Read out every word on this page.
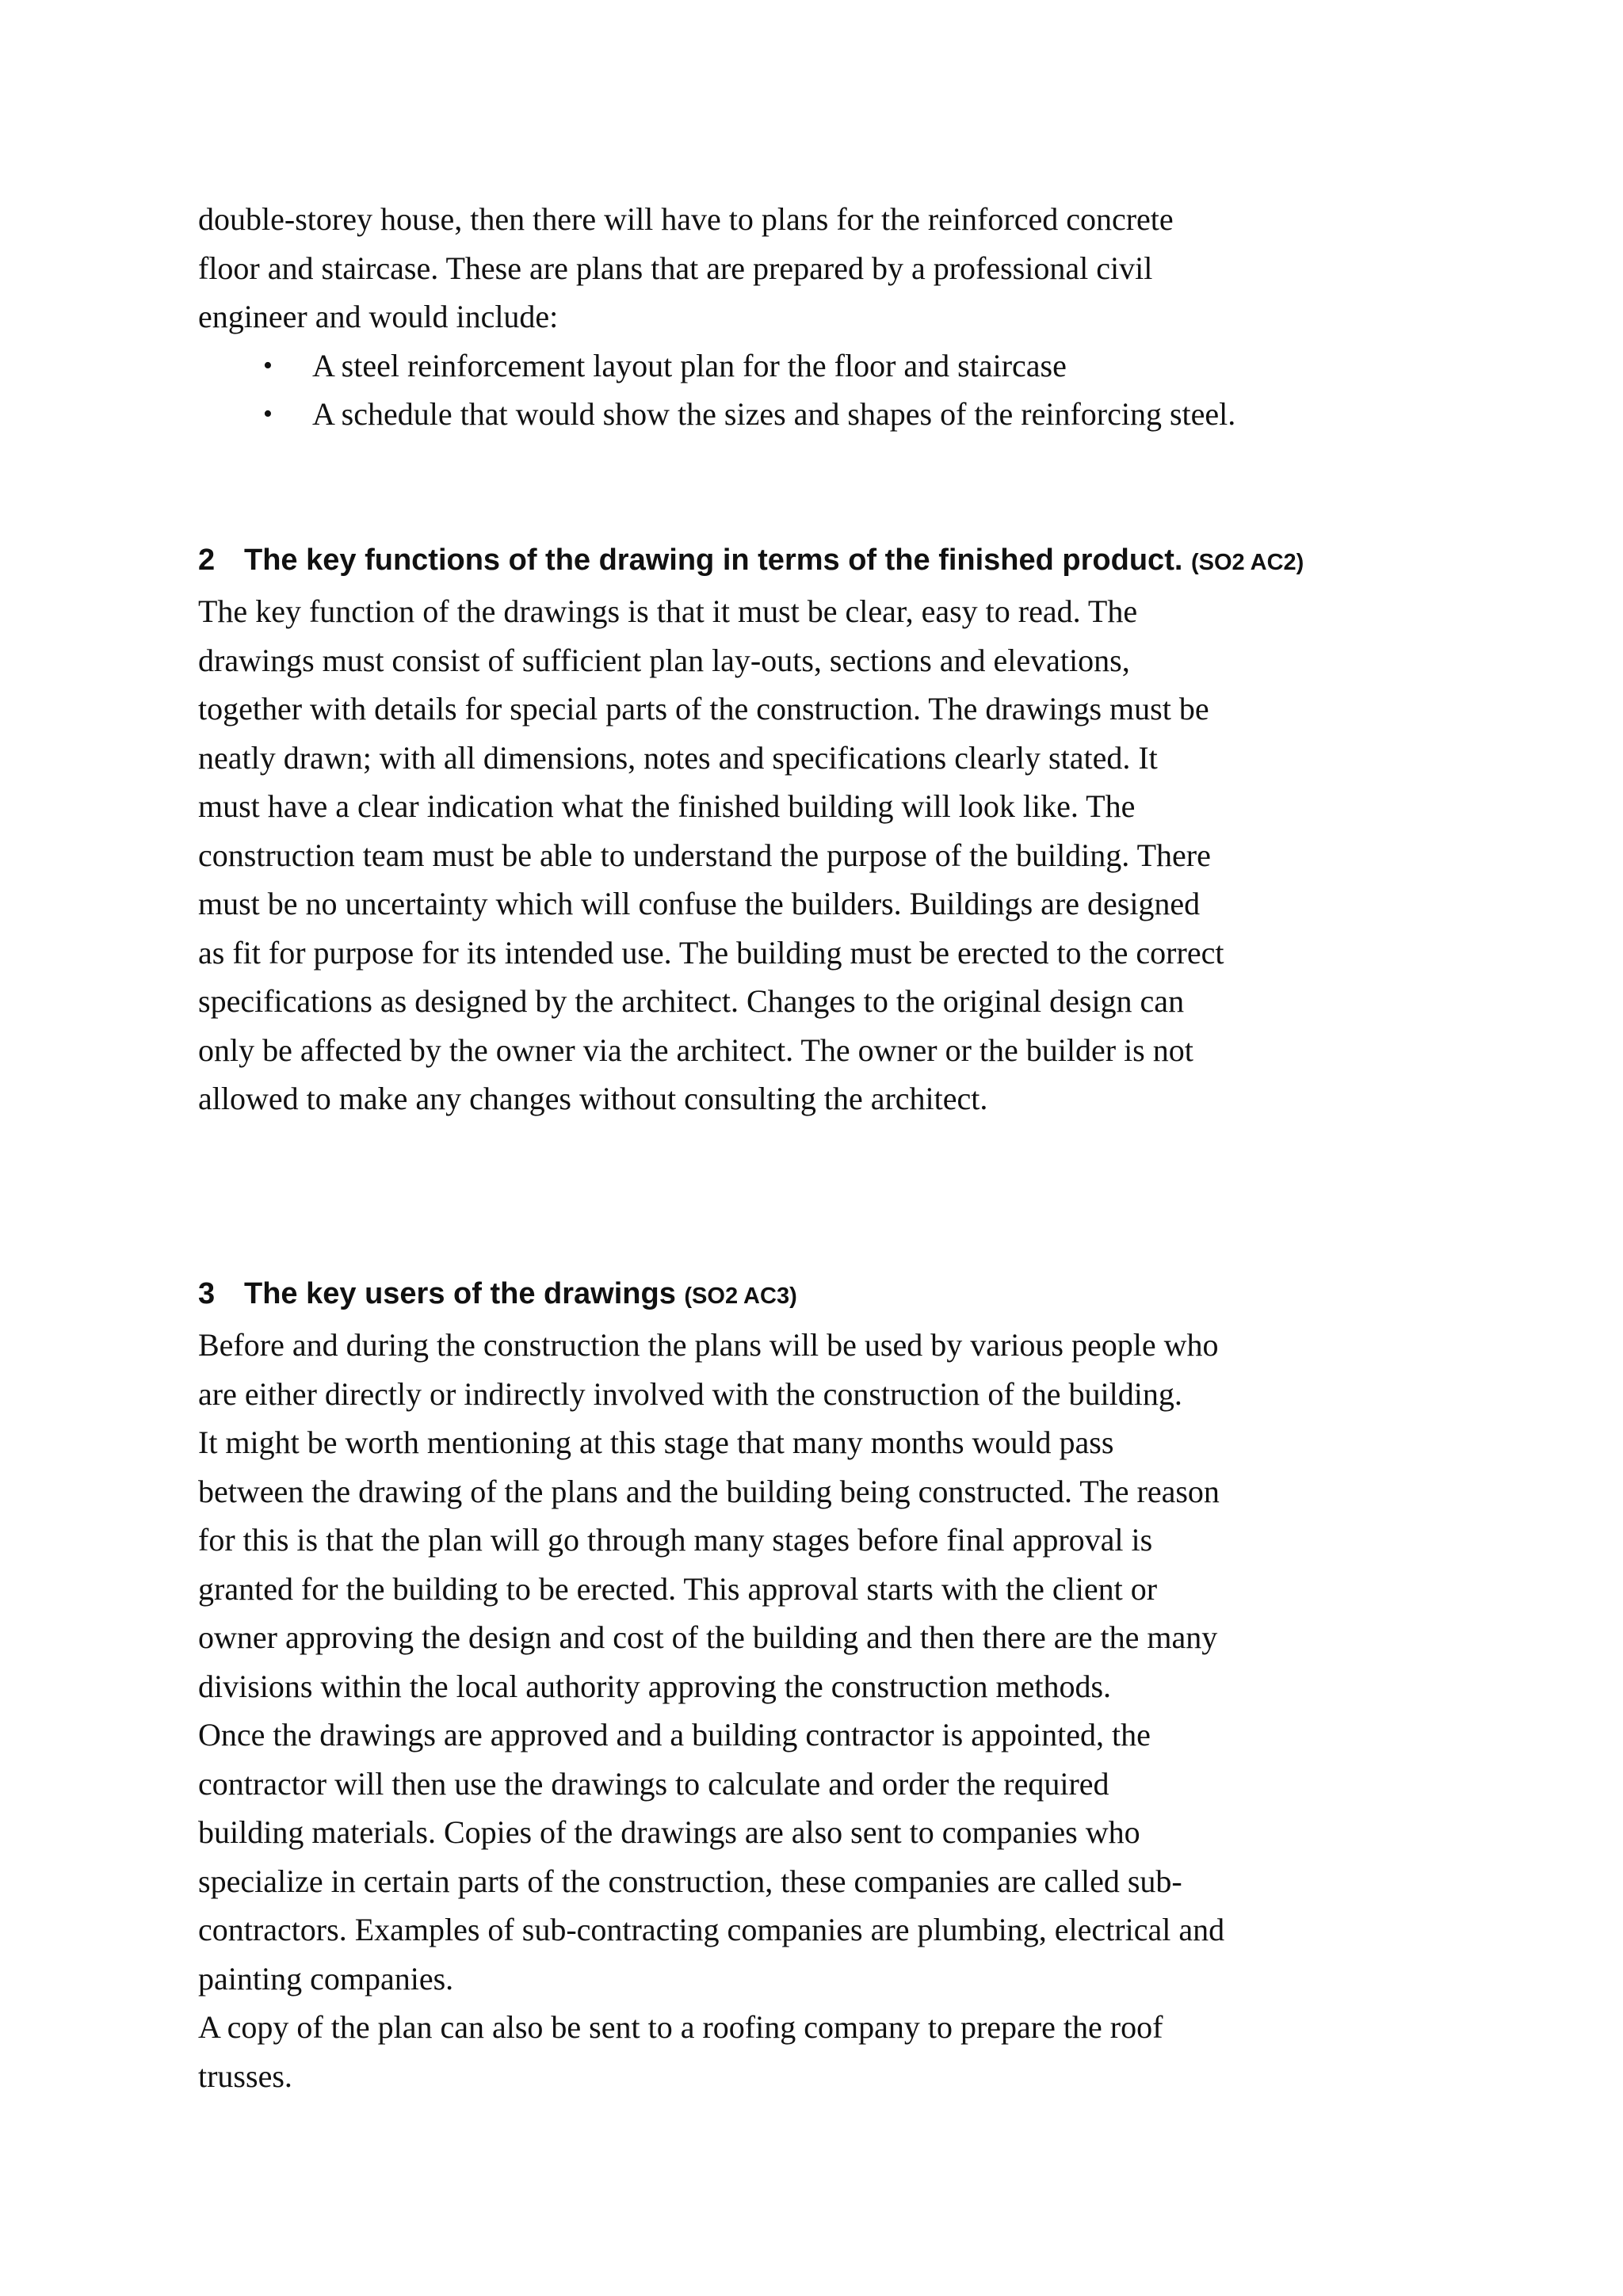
double-storey house, then there will have to plans for the reinforced concrete
floor and staircase. These are plans that are prepared by a professional civil
engineer and would include:

• A steel reinforcement layout plan for the floor and staircase
• A schedule that would show the sizes and shapes of the reinforcing steel.
2 The key functions of the drawing in terms of the finished product. (SO2 AC2)

The key function of the drawings is that it must be clear, easy to read. The
drawings must consist of sufficient plan lay-outs, sections and elevations,
together with details for special parts of the construction. The drawings must be
neatly drawn; with all dimensions, notes and specifications clearly stated. It
must have a clear indication what the finished building will look like. The
construction team must be able to understand the purpose of the building. There
must be no uncertainty which will confuse the builders. Buildings are designed
as fit for purpose for its intended use. The building must be erected to the correct
specifications as designed by the architect. Changes to the original design can
only be affected by the owner via the architect. The owner or the builder is not
allowed to make any changes without consulting the architect.

3 The key users of the drawings (SO2 AC3)

Before and during the construction the plans will be used by various people who
are either directly or indirectly involved with the construction of the building.
It might be worth mentioning at this stage that many months would pass
between the drawing of the plans and the building being constructed. The reason
for this is that the plan will go through many stages before final approval is
granted for the building to be erected. This approval starts with the client or
owner approving the design and cost of the building and then there are the many
divisions within the local authority approving the construction methods.
Once the drawings are approved and a building contractor is appointed, the
contractor will then use the drawings to calculate and order the required
building materials. Copies of the drawings are also sent to companies who
specialize in certain parts of the construction, these companies are called sub-
contractors. Examples of sub-contracting companies are plumbing, electrical and
painting companies.
A copy of the plan can also be sent to a roofing company to prepare the roof
trusses.
